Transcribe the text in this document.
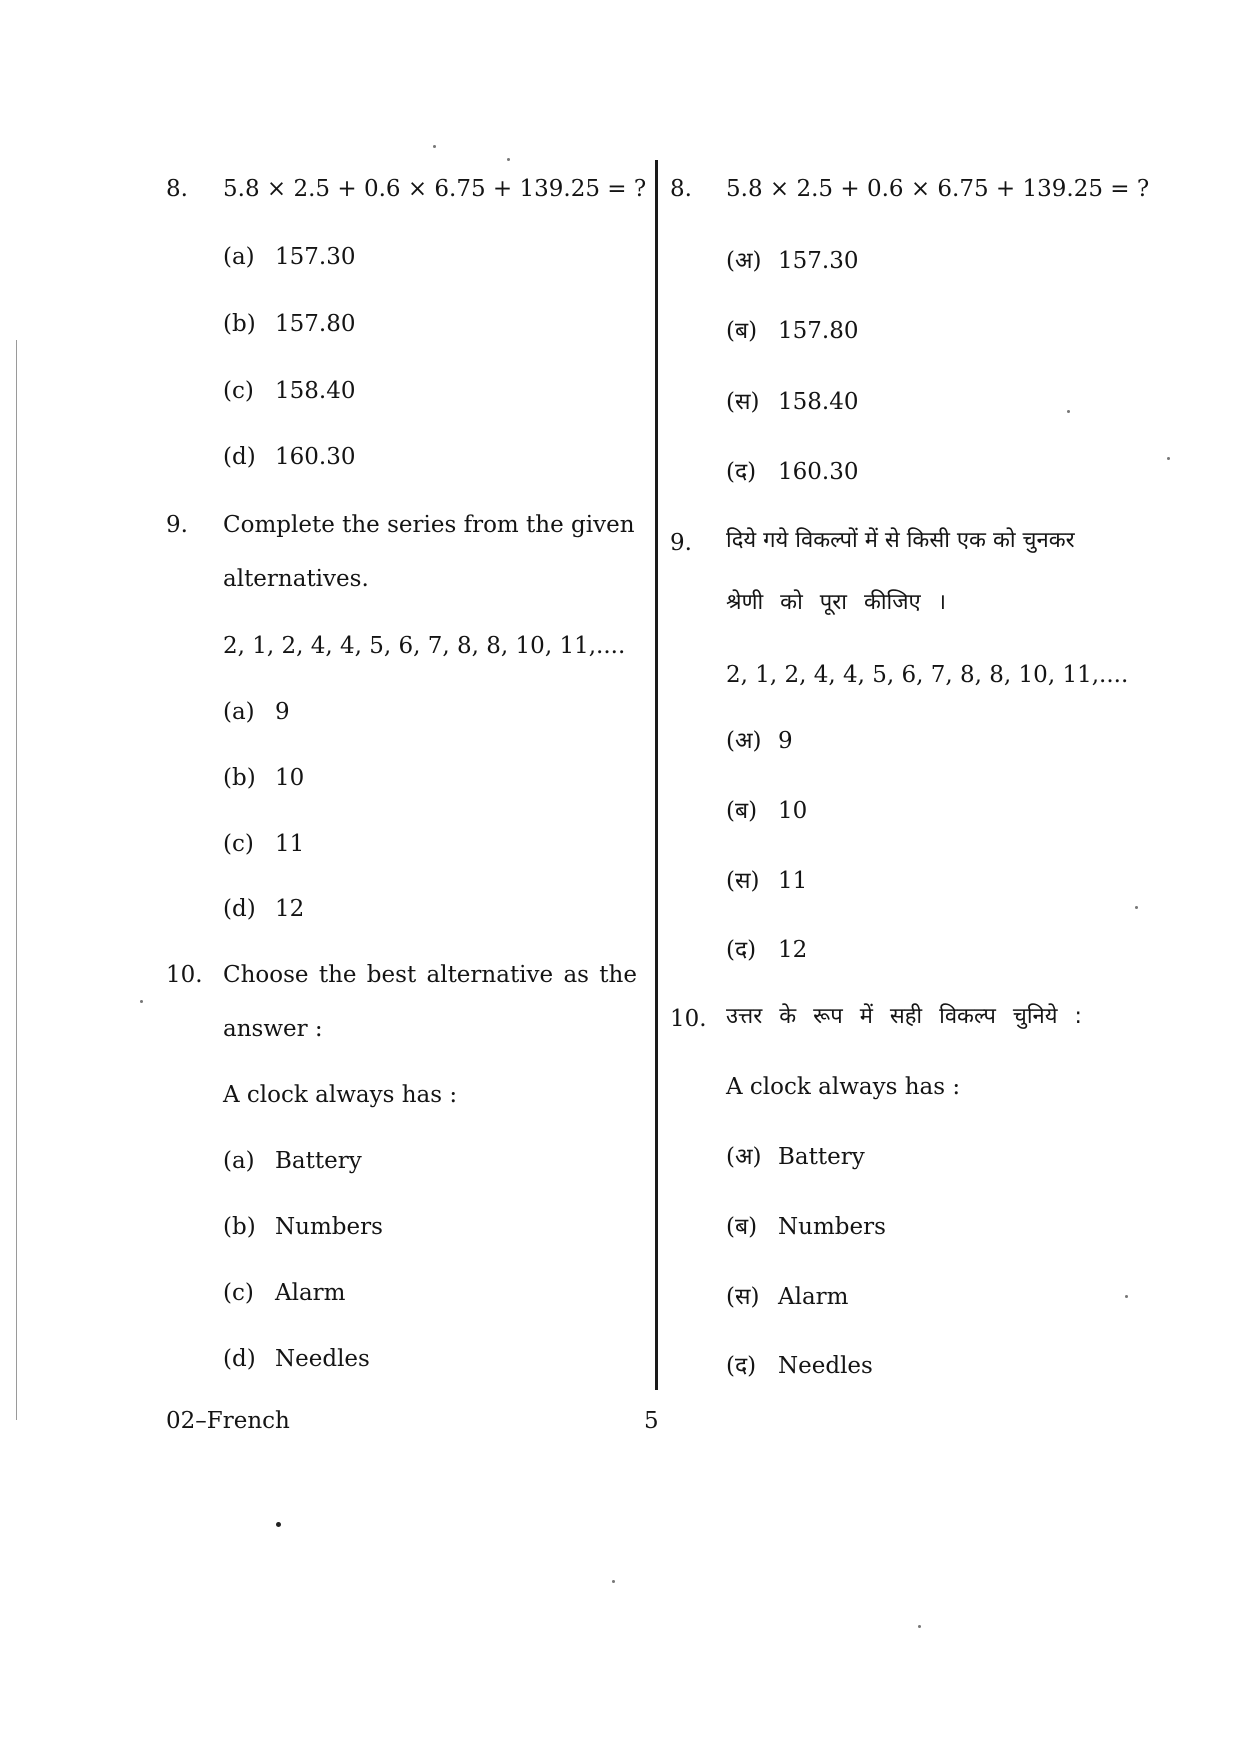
8. 5.8 × 2.5 + 0.6 × 6.75 + 139.25 = ?
(a) 157.30
(b) 157.80
(c) 158.40
(d) 160.30
9. Complete the series from the given
alternatives.
2, 1, 2, 4, 4, 5, 6, 7, 8, 8, 10, 11,....
(a) 9
(b) 10
(c) 11
(d) 12
10. Choose the best alternative as the
answer :
A clock always has :
(a) Battery
(b) Numbers
(c) Alarm
(d) Needles
8. 5.8 × 2.5 + 0.6 × 6.75 + 139.25 = ?
(अ) 157.30
(ब) 157.80
(स) 158.40
(द) 160.30
9. दिये गये विकल्पों में से किसी एक को चुनकर
श्रेणी को पूरा कीजिए ।
2, 1, 2, 4, 4, 5, 6, 7, 8, 8, 10, 11,....
(अ) 9
(ब) 10
(स) 11
(द) 12
10. उत्तर के रूप में सही विकल्प चुनिये :
A clock always has :
(अ) Battery
(ब) Numbers
(स) Alarm
(द) Needles
02–French	5
